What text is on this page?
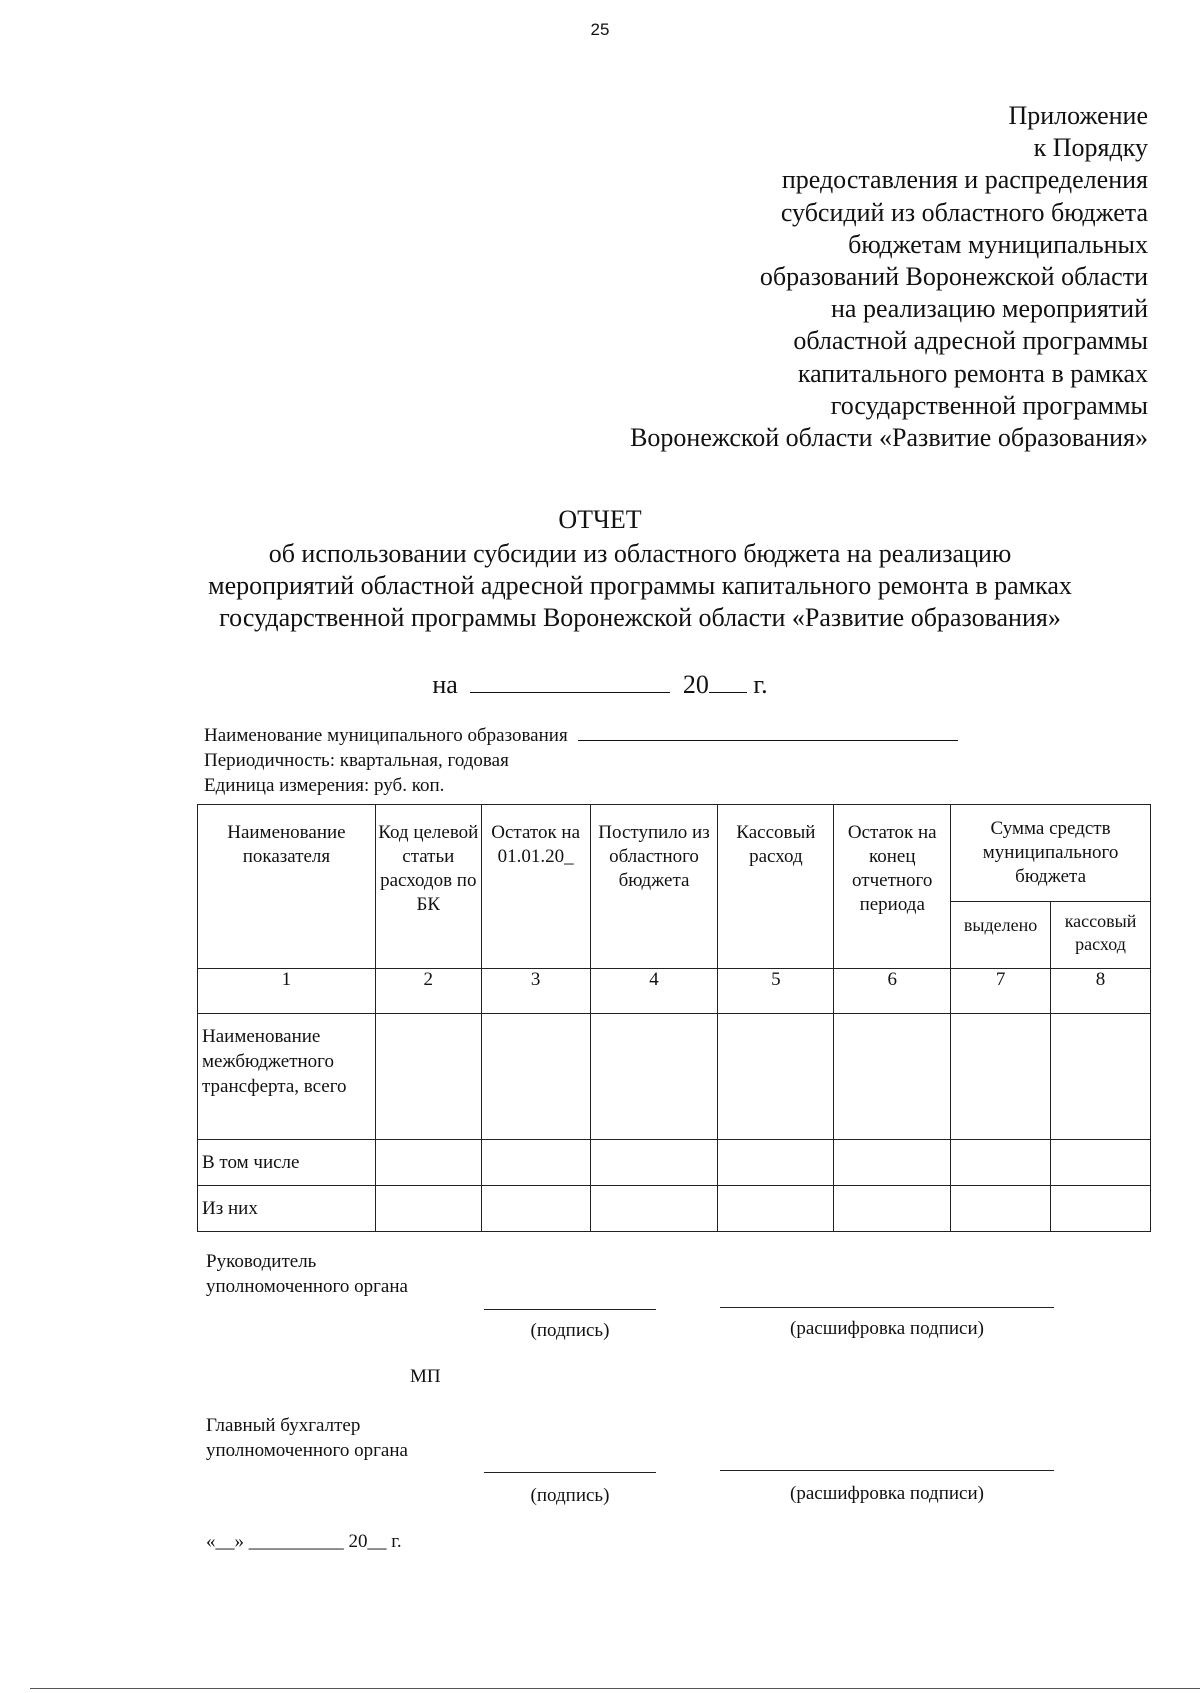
25
Приложение
к Порядку
предоставления и распределения
субсидий из областного бюджета
бюджетам муниципальных
образований Воронежской области
на реализацию мероприятий
областной адресной программы
капитального ремонта в рамках
государственной программы
Воронежской области «Развитие образования»
ОТЧЕТ
об использовании субсидии из областного бюджета на реализацию мероприятий областной адресной программы капитального ремонта в рамках государственной программы Воронежской области «Развитие образования»
на	20 г.
Наименование муниципального образования
Периодичность: квартальная, годовая
Единица измерения: руб. коп.
Наименование показателя	Код целевой статьи расходов по БК	Остаток на 01.01.20_	Поступило из областного бюджета	Кассовый расход	Остаток на конец отчетного периода	Сумма средств муниципального бюджета	
						выделено	кассовый расход
1	2	3	4	5	6	7	8
Наименование межбюджетного трансферта, всего							
В том числе							
Из них							
Руководитель уполномоченного органа
(подпись)	(расшифровка подписи)
МП
Главный бухгалтер уполномоченного органа
(подпись)	(расшифровка подписи)
«__» __________ 20__ г.
